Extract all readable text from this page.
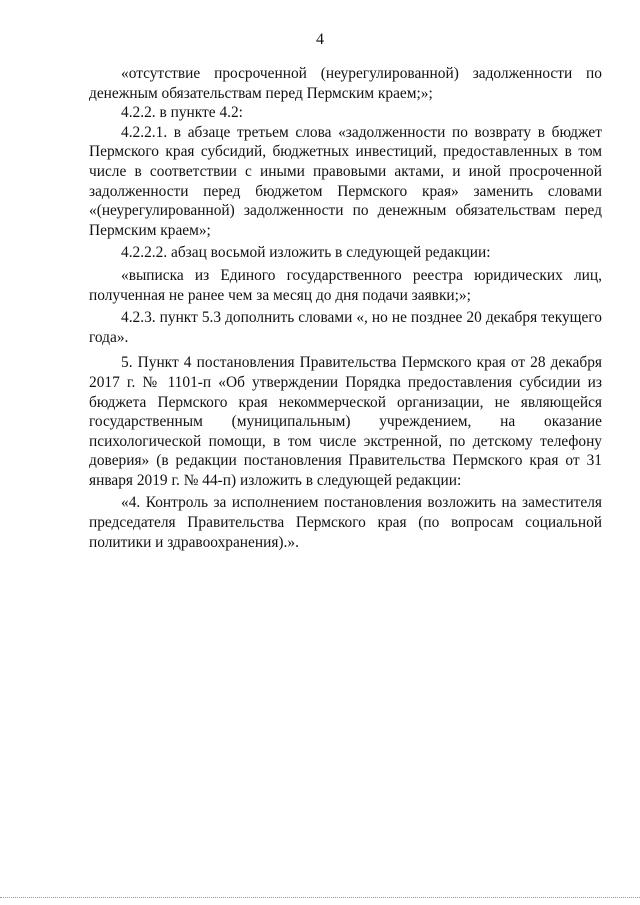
4

«отсутствие просроченной (неурегулированной) задолженности по денежным обязательствам перед Пермским краем;»;

4.2.2. в пункте 4.2:

4.2.2.1. в абзаце третьем слова «задолженности по возврату в бюджет Пермского края субсидий, бюджетных инвестиций, предоставленных в том числе в соответствии с иными правовыми актами, и иной просроченной задолженности перед бюджетом Пермского края» заменить словами «(неурегулированной) задолженности по денежным обязательствам перед Пермским краем»;

4.2.2.2. абзац восьмой изложить в следующей редакции:

«выписка из Единого государственного реестра юридических лиц, полученная не ранее чем за месяц до дня подачи заявки;»;

4.2.3. пункт 5.3 дополнить словами «, но не позднее 20 декабря текущего года».

5. Пункт 4 постановления Правительства Пермского края от 28 декабря 2017 г. № 1101-п «Об утверждении Порядка предоставления субсидии из бюджета Пермского края некоммерческой организации, не являющейся государственным (муниципальным) учреждением, на оказание психологической помощи, в том числе экстренной, по детскому телефону доверия» (в редакции постановления Правительства Пермского края от 31 января 2019 г. № 44-п) изложить в следующей редакции:

«4. Контроль за исполнением постановления возложить на заместителя председателя Правительства Пермского края (по вопросам социальной политики и здравоохранения).».
